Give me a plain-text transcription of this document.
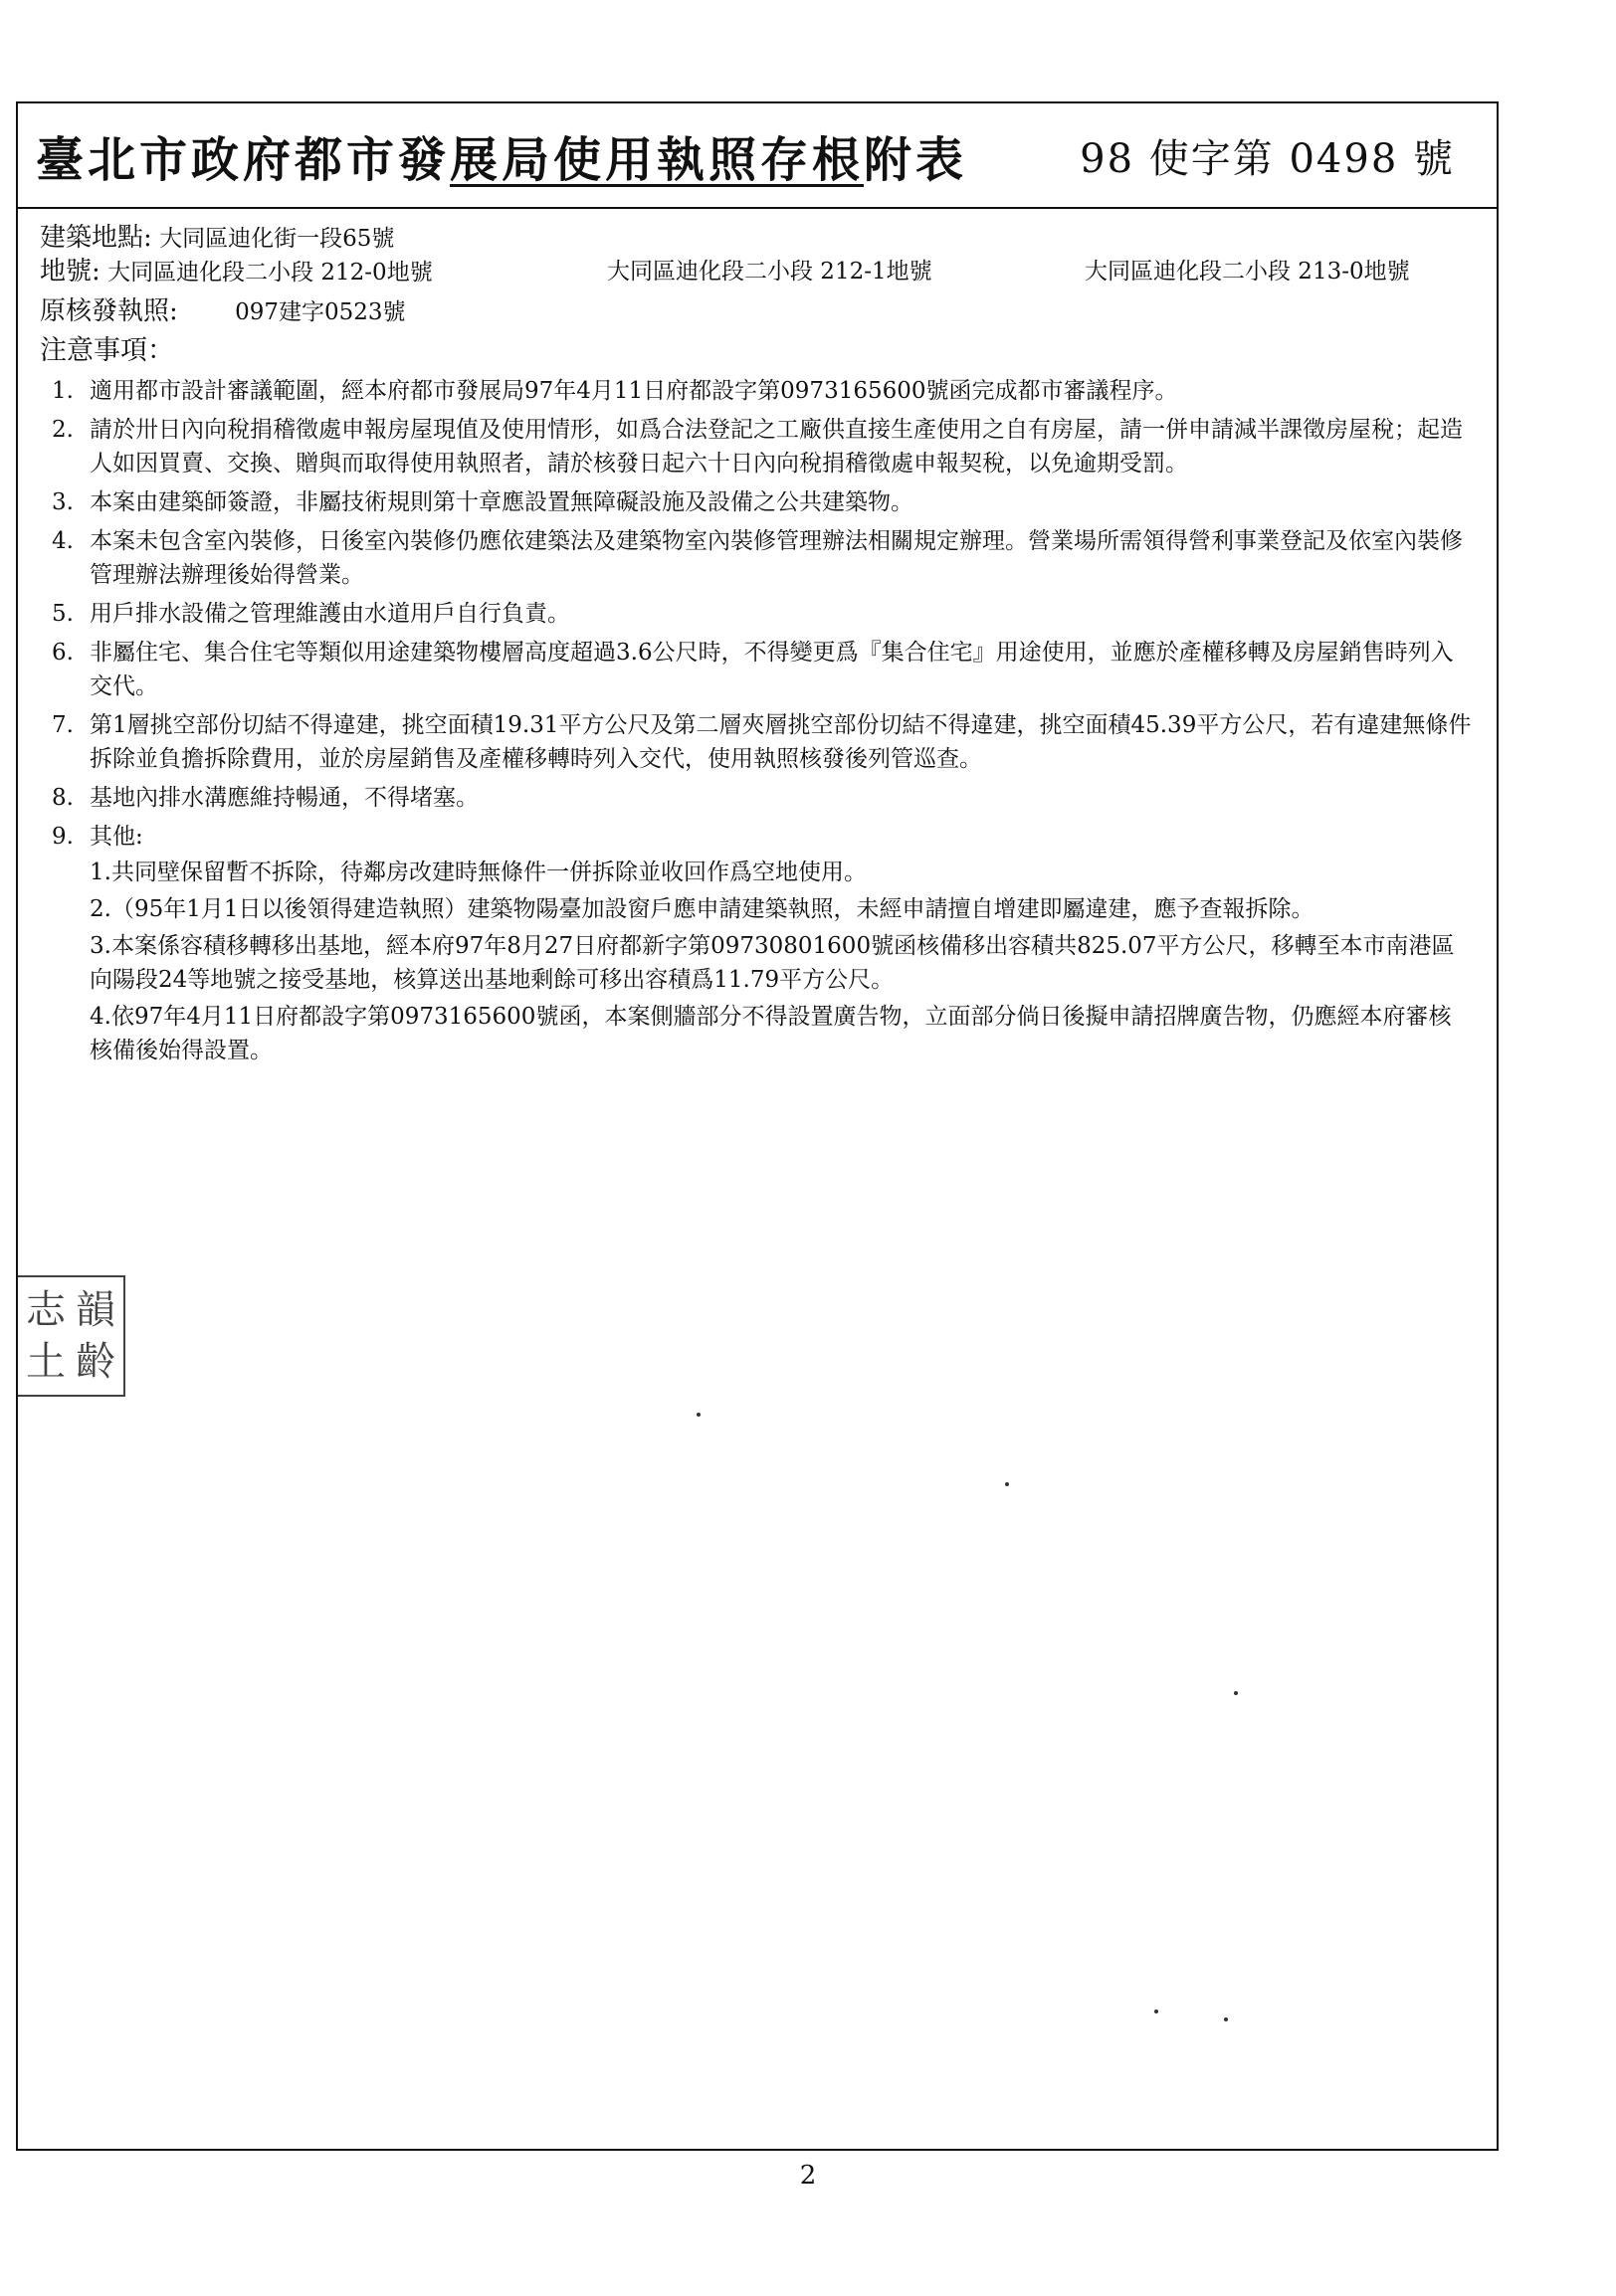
臺北市政府都市發展局使用執照存根附表	98 使字第 0498 號
建築地點: 大同區迪化街一段65號
地號: 大同區迪化段二小段 212-0地號	大同區迪化段二小段 212-1地號	大同區迪化段二小段 213-0地號
原核發執照: 097建字0523號
注意事項：
1. 適用都市設計審議範圍，經本府都市發展局97年4月11日府都設字第0973165600號函完成都市審議程序。
2. 請於卅日內向稅捐稽徵處申報房屋現值及使用情形，如爲合法登記之工廠供直接生產使用之自有房屋，請一併申請減半課徵房屋稅；起造人如因買賣、交換、贈與而取得使用執照者，請於核發日起六十日內向稅捐稽徵處申報契稅，以免逾期受罰。
3. 本案由建築師簽證，非屬技術規則第十章應設置無障礙設施及設備之公共建築物。
4. 本案未包含室內裝修，日後室內裝修仍應依建築法及建築物室內裝修管理辦法相關規定辦理。營業場所需領得營利事業登記及依室內裝修管理辦法辦理後始得營業。
5. 用戶排水設備之管理維護由水道用戶自行負責。
6. 非屬住宅、集合住宅等類似用途建築物樓層高度超過3.6公尺時，不得變更爲『集合住宅』用途使用，並應於產權移轉及房屋銷售時列入交代。
7. 第1層挑空部份切結不得違建，挑空面積19.31平方公尺及第二層夾層挑空部份切結不得違建，挑空面積45.39平方公尺，若有違建無條件拆除並負擔拆除費用，並於房屋銷售及產權移轉時列入交代，使用執照核發後列管巡查。
8. 基地內排水溝應維持暢通，不得堵塞。
9. 其他:
1.共同壁保留暫不拆除，待鄰房改建時無條件一併拆除並收回作爲空地使用。
2.（95年1月1日以後領得建造執照）建築物陽臺加設窗戶應申請建築執照，未經申請擅自增建即屬違建，應予查報拆除。
3.本案係容積移轉移出基地，經本府97年8月27日府都新字第09730801600號函核備移出容積共825.07平方公尺，移轉至本市南港區向陽段24等地號之接受基地，核算送出基地剩餘可移出容積爲11.79平方公尺。
4.依97年4月11日府都設字第0973165600號函，本案側牆部分不得設置廣告物，立面部分倘日後擬申請招牌廣告物，仍應經本府審核核備後始得設置。
志 韻
土 齡
2
